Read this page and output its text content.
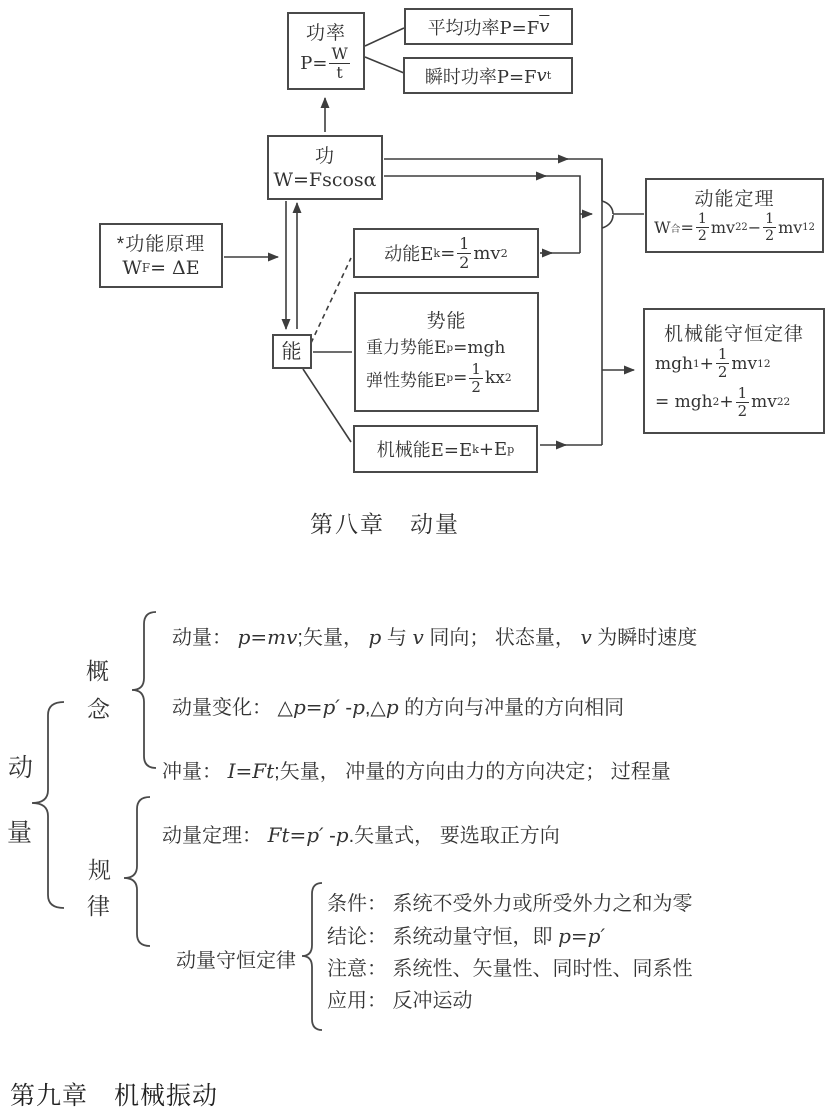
功率
$P= \frac{W}{t}$
平均功率P=F $\overline{v}$
瞬时功率P=F v t
功
W=Fscosα
*功能原理
W F = ΔE
能
动能E $k = \frac{1}{2}$ mv 2
势能
重力势能E p =mgh
弹性势能E $p = \frac{1}{2}$ kx 2
机械能E=E k +E p
动能定理
W 合 = $\frac{1}{2}$ mv 2 $2 - \frac{1}{2}$ mv 1 2
机械能守恒定律
mgh $1 + \frac{1}{2}$ mv 1 2
= mgh $2 + \frac{1}{2}$ mv 2 2
第八章　动量
动
量
概
念
规
律
动量： p=mv;矢量， p 与 v 同向； 状态量， v 为瞬时速度
动量变化： △p=p′ -p,△p 的方向与冲量的方向相同
冲量： I=Ft;矢量， 冲量的方向由力的方向决定； 过程量
动量定理： Ft=p′ -p.矢量式， 要选取正方向
动量守恒定律
条件： 系统不受外力或所受外力之和为零
结论： 系统动量守恒，即 p=p′
注意： 系统性、矢量性、同时性、同系性
应用： 反冲运动
第九章　机械振动
